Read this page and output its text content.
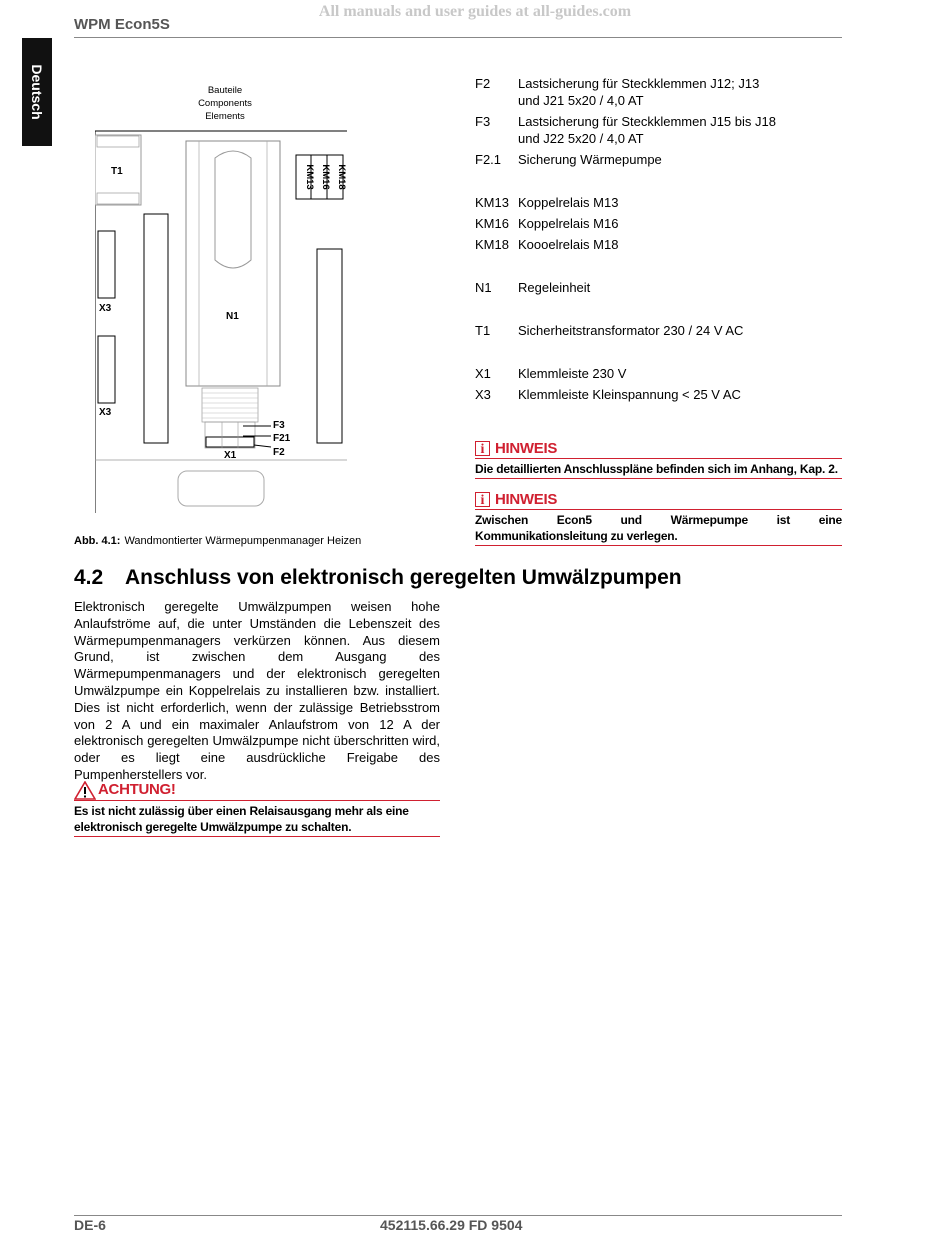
All manuals and user guides at all-guides.com
WPM Econ5S
Deutsch	Bauteile
Components
Elements
T1
X3
X3
N1
X1
F3
F21
F2
KM13 KM16 KM18
Abb. 4.1: Wandmontierter Wärmepumpenmanager Heizen
F2	Lastsicherung für Steckklemmen J12; J13
und J21 5x20 / 4,0 AT
F3	Lastsicherung für Steckklemmen J15 bis J18
und J22 5x20 / 4,0 AT
F2.1	Sicherung Wärmepumpe
KM13 Koppelrelais M13
KM16 Koppelrelais M16
KM18 Koooelrelais M18
N1	Regeleinheit
T1	Sicherheitstransformator 230 / 24 V AC
X1	Klemmleiste 230 V
X3	Klemmleiste Kleinspannung < 25 V AC
i HINWEIS
Die detaillierten Anschlusspläne befinden sich im Anhang, Kap. 2.
i HINWEIS
Zwischen Econ5 und Wärmepumpe ist eine Kommunikationsleitung zu verlegen.
4.2 Anschluss von elektronisch geregelten Umwälzpumpen
Elektronisch geregelte Umwälzpumpen weisen hohe Anlaufströme auf, die unter Umständen die Lebenszeit des Wärmepumpenmanagers verkürzen können. Aus diesem Grund, ist zwischen dem Ausgang des Wärmepumpenmanagers und der elektronisch geregelten Umwälzpumpe ein Koppelrelais zu installieren bzw. installiert. Dies ist nicht erforderlich, wenn der zulässige Betriebsstrom von 2 A und ein maximaler Anlaufstrom von 12 A der elektronisch geregelten Umwälzpumpe nicht überschritten wird, oder es liegt eine ausdrückliche Freigabe des Pumpenherstellers vor.
ACHTUNG!
Es ist nicht zulässig über einen Relaisausgang mehr als eine elektronisch geregelte Umwälzpumpe zu schalten.
DE-6	452115.66.29 FD 9504
